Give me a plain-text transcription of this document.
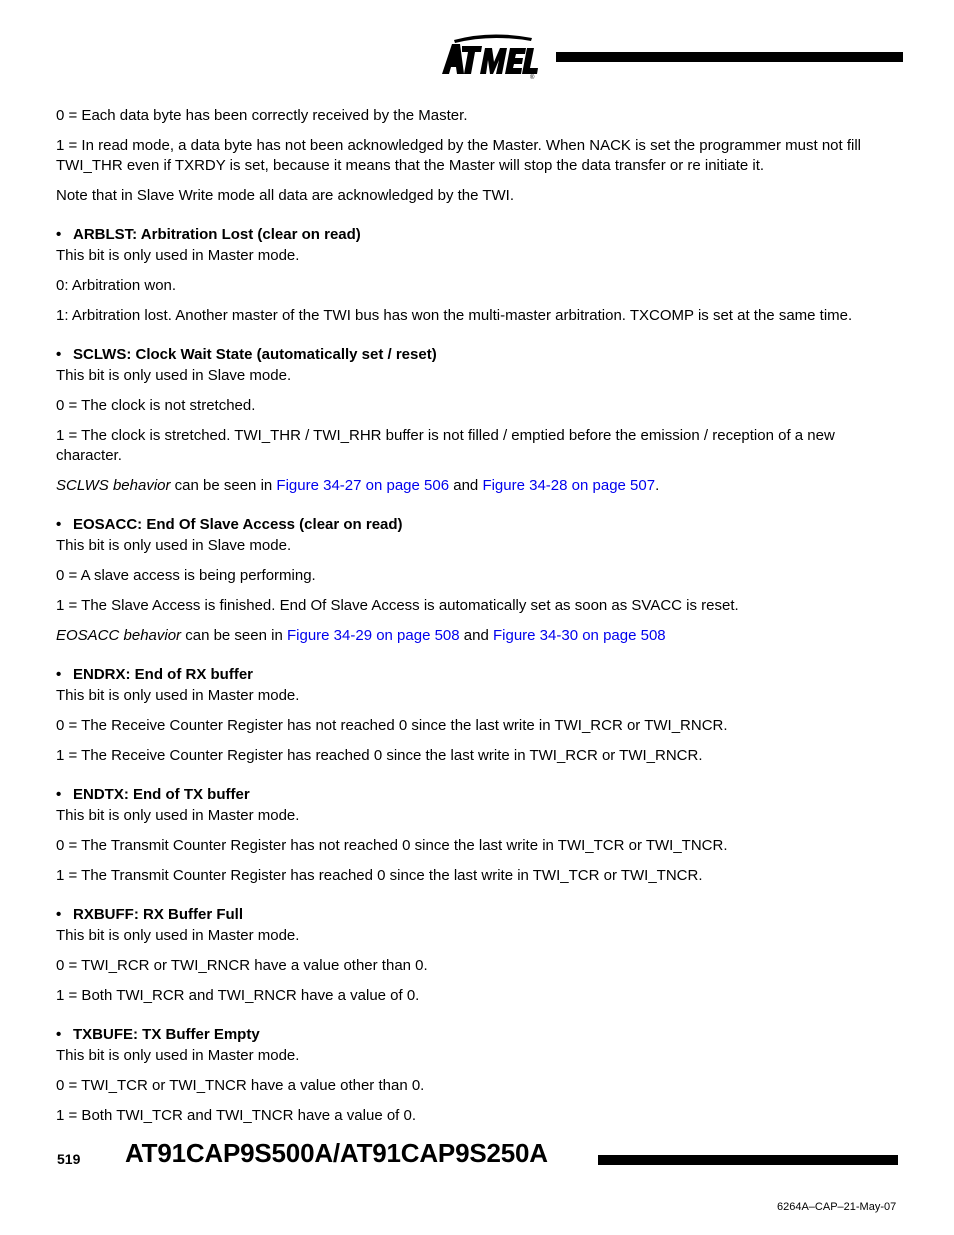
®

0 = Each data byte has been correctly received by the Master.

1 = In read mode, a data byte has not been acknowledged by the Master. When NACK is set the programmer must not fill TWI_THR even if TXRDY is set, because it means that the Master will stop the data transfer or re initiate it.

Note that in Slave Write mode all data are acknowledged by the TWI.

• ARBLST: Arbitration Lost (clear on read)

This bit is only used in Master mode.

0: Arbitration won.

1: Arbitration lost. Another master of the TWI bus has won the multi-master arbitration. TXCOMP is set at the same time.

• SCLWS: Clock Wait State (automatically set / reset)

This bit is only used in Slave mode.

0 = The clock is not stretched.

1 = The clock is stretched. TWI_THR / TWI_RHR buffer is not filled / emptied before the emission / reception of a new character.

SCLWS behavior can be seen in Figure 34-27 on page 506 and Figure 34-28 on page 507.

• EOSACC: End Of Slave Access (clear on read)

This bit is only used in Slave mode.

0 = A slave access is being performing.

1 = The Slave Access is finished. End Of Slave Access is automatically set as soon as SVACC is reset.

EOSACC behavior can be seen in Figure 34-29 on page 508 and Figure 34-30 on page 508

• ENDRX: End of RX buffer

This bit is only used in Master mode.

0 = The Receive Counter Register has not reached 0 since the last write in TWI_RCR or TWI_RNCR.

1 = The Receive Counter Register has reached 0 since the last write in TWI_RCR or TWI_RNCR.

• ENDTX: End of TX buffer

This bit is only used in Master mode.

0 = The Transmit Counter Register has not reached 0 since the last write in TWI_TCR or TWI_TNCR.

1 = The Transmit Counter Register has reached 0 since the last write in TWI_TCR or TWI_TNCR.

• RXBUFF: RX Buffer Full

This bit is only used in Master mode.

0 = TWI_RCR or TWI_RNCR have a value other than 0.

1 = Both TWI_RCR and TWI_RNCR have a value of 0.

• TXBUFE: TX Buffer Empty

This bit is only used in Master mode.

0 = TWI_TCR or TWI_TNCR have a value other than 0.

1 = Both TWI_TCR and TWI_TNCR have a value of 0.

519 AT91CAP9S500A/AT91CAP9S250A
6264A–CAP–21-May-07
